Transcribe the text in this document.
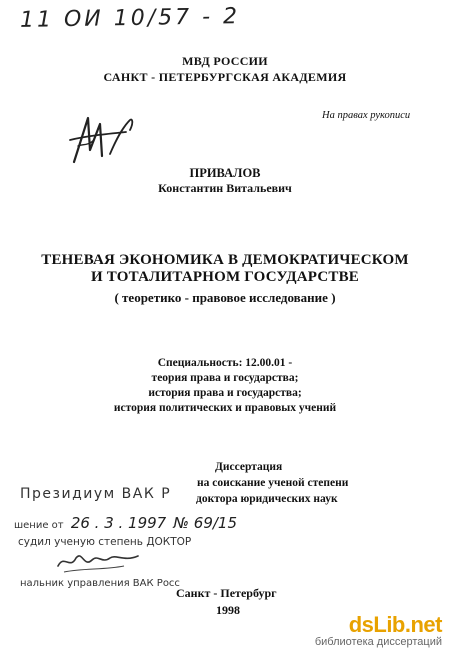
11 ОИ 10/57 - 2
МВД РОССИИ
САНКТ - ПЕТЕРБУРГСКАЯ АКАДЕМИЯ
На правах рукописи
ПРИВАЛОВ
Константин Витальевич
ТЕНЕВАЯ ЭКОНОМИКА В ДЕМОКРАТИЧЕСКОМ
И ТОТАЛИТАРНОМ ГОСУДАРСТВЕ
( теоретико - правовое исследование )
Специальность: 12.00.01 -
теория права и государства;
история права и государства;
история политических и правовых учений
Диссертация
на соискание ученой степени
доктора юридических наук
Президиум ВАК Р
шение от 26 . 3 . 1997 № 69/15
судил ученую степень ДОКТОР
нальник управления ВАК Росс
Санкт - Петербург
1998
dsLib.net
библиотека диссертаций
